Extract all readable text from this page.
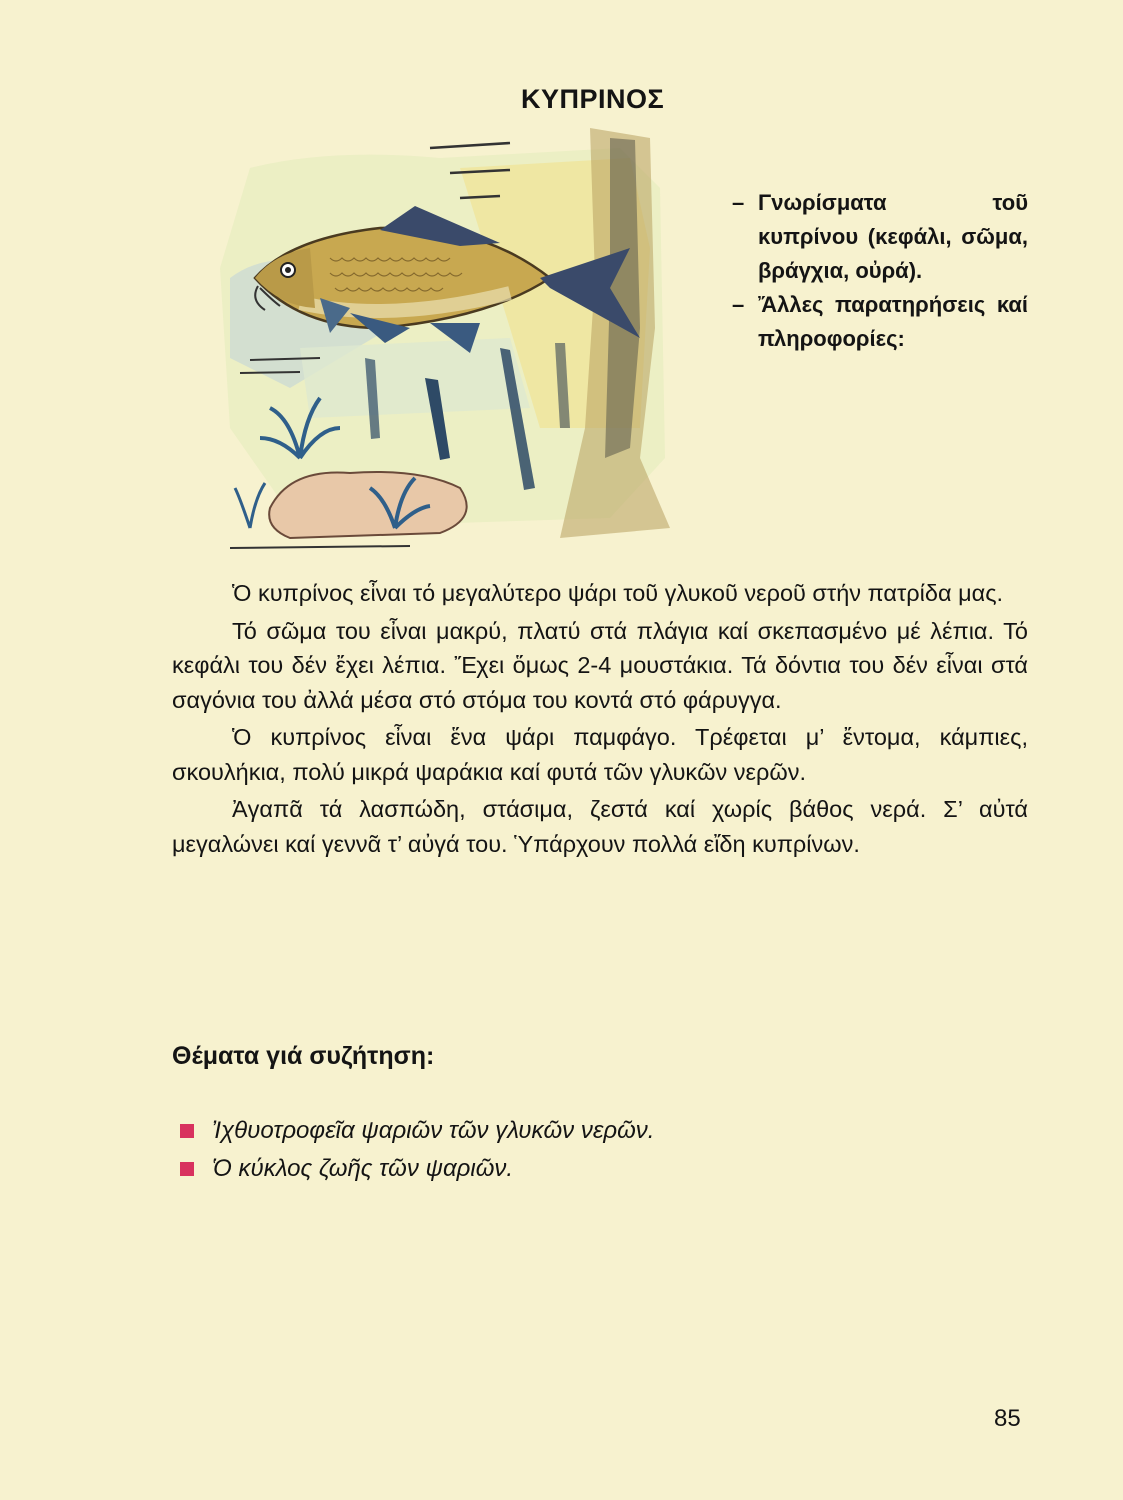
ΚΥΠΡΙΝΟΣ
– Γνωρίσματα τοῦ κυπρίνου (κεφάλι, σῶμα, βράγχια, οὐρά).
– Ἄλλες παρατηρήσεις καί πληροφορίες:

Ὁ κυπρίνος εἶναι τό μεγαλύτερο ψάρι τοῦ γλυκοῦ νεροῦ στήν πατρίδα μας.

Τό σῶμα του εἶναι μακρύ, πλατύ στά πλάγια καί σκεπασμένο μέ λέπια. Τό κεφάλι του δέν ἔχει λέπια. Ἔχει ὅμως 2-4 μουστάκια. Τά δόντια του δέν εἶναι στά σαγόνια του ἀλλά μέσα στό στόμα του κοντά στό φάρυγγα.

Ὁ κυπρίνος εἶναι ἕνα ψάρι παμφάγο. Τρέφεται μ’ ἔντομα, κάμπιες, σκουλήκια, πολύ μικρά ψαράκια καί φυτά τῶν γλυκῶν νερῶν.

Ἀγαπᾶ τά λασπώδη, στάσιμα, ζεστά καί χωρίς βάθος νερά. Σ’ αὐτά μεγαλώνει καί γεννᾶ τ’ αὐγά του. Ὑπάρχουν πολλά εἴδη κυπρίνων.

Θέματα γιά συζήτηση:
Ἰχθυοτροφεῖα ψαριῶν τῶν γλυκῶν νερῶν.
Ὁ κύκλος ζωῆς τῶν ψαριῶν.
85
